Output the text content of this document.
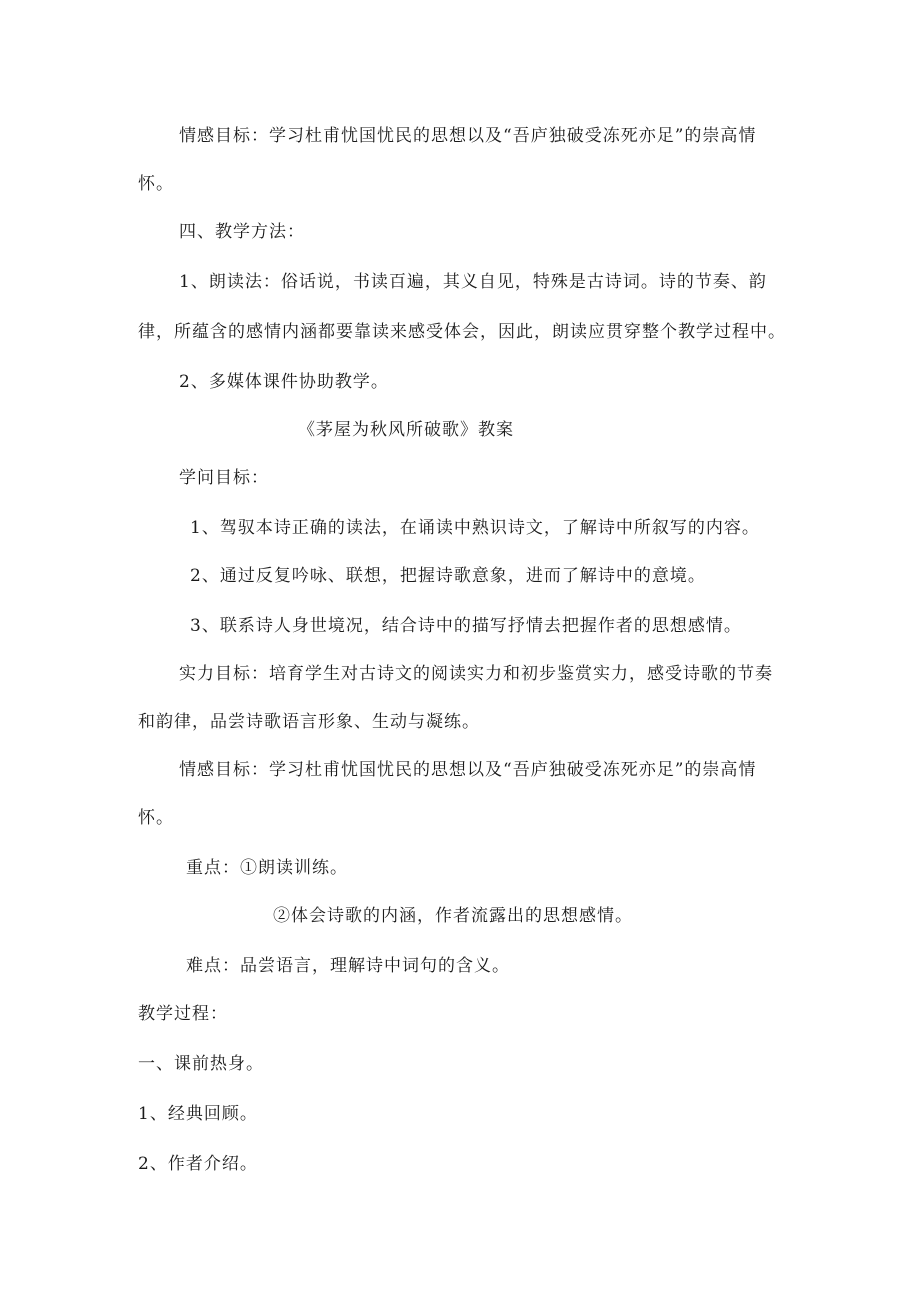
情感目标：学习杜甫忧国忧民的思想以及“吾庐独破受冻死亦足”的崇高情
怀。
四、教学方法：
1、朗读法：俗话说，书读百遍，其义自见，特殊是古诗词。诗的节奏、韵
律，所蕴含的感情内涵都要靠读来感受体会，因此，朗读应贯穿整个教学过程中。
2、多媒体课件协助教学。
《茅屋为秋风所破歌》教案
学问目标：
1、驾驭本诗正确的读法，在诵读中熟识诗文，了解诗中所叙写的内容。
2、通过反复吟咏、联想，把握诗歌意象，进而了解诗中的意境。
3、联系诗人身世境况，结合诗中的描写抒情去把握作者的思想感情。
实力目标：培育学生对古诗文的阅读实力和初步鉴赏实力，感受诗歌的节奏
和韵律，品尝诗歌语言形象、生动与凝练。
情感目标：学习杜甫忧国忧民的思想以及“吾庐独破受冻死亦足”的崇高情
怀。
重点：①朗读训练。
②体会诗歌的内涵，作者流露出的思想感情。
难点：品尝语言，理解诗中词句的含义。
教学过程：
一、课前热身。
1、经典回顾。
2、作者介绍。
